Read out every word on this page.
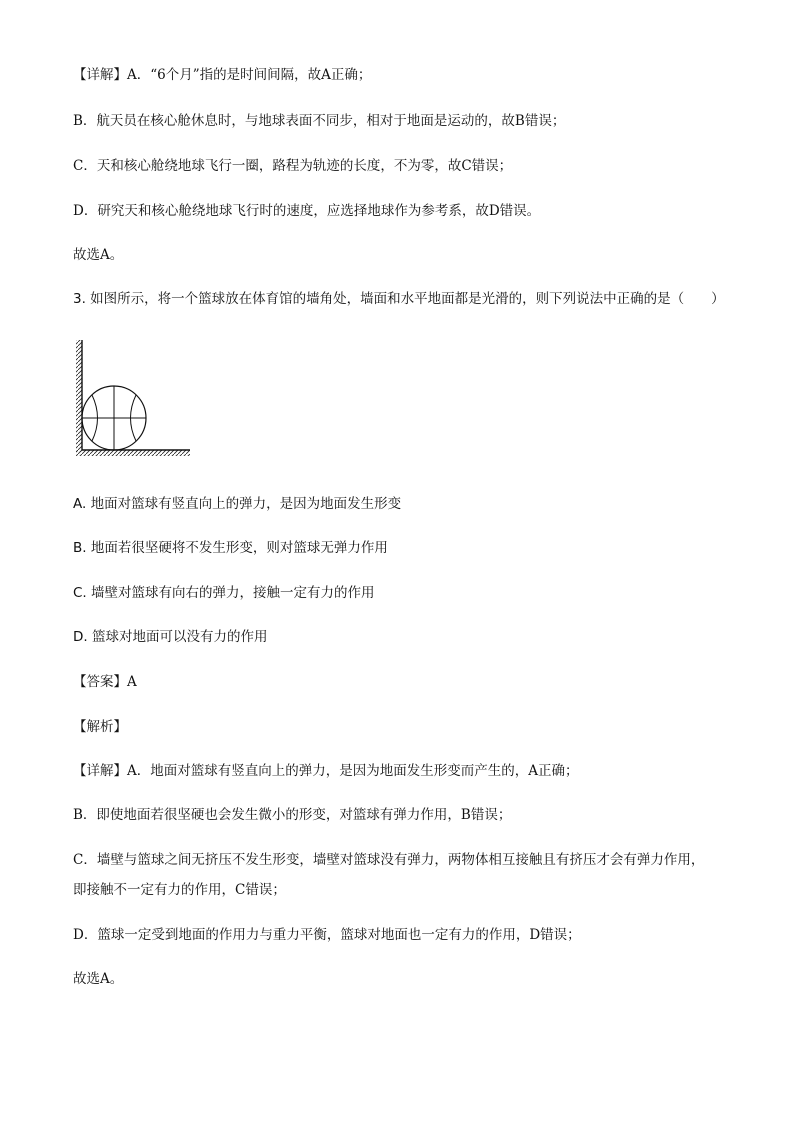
【详解】A．“6个月”指的是时间间隔，故A正确；
B．航天员在核心舱休息时，与地球表面不同步，相对于地面是运动的，故B错误；
C．天和核心舱绕地球飞行一圈，路程为轨迹的长度，不为零，故C错误；
D．研究天和核心舱绕地球飞行时的速度，应选择地球作为参考系，故D错误。
故选A。
3. 如图所示，将一个篮球放在体育馆的墙角处，墙面和水平地面都是光滑的，则下列说法中正确的是（　　）
A. 地面对篮球有竖直向上的弹力，是因为地面发生形变
B. 地面若很坚硬将不发生形变，则对篮球无弹力作用
C. 墙壁对篮球有向右的弹力，接触一定有力的作用
D. 篮球对地面可以没有力的作用
【答案】A
【解析】
【详解】A．地面对篮球有竖直向上的弹力，是因为地面发生形变而产生的，A正确；
B．即使地面若很坚硬也会发生微小的形变，对篮球有弹力作用，B错误；
C．墙壁与篮球之间无挤压不发生形变，墙壁对篮球没有弹力，两物体相互接触且有挤压才会有弹力作用，
即接触不一定有力的作用，C错误；
D．篮球一定受到地面的作用力与重力平衡，篮球对地面也一定有力的作用，D错误；
故选A。
